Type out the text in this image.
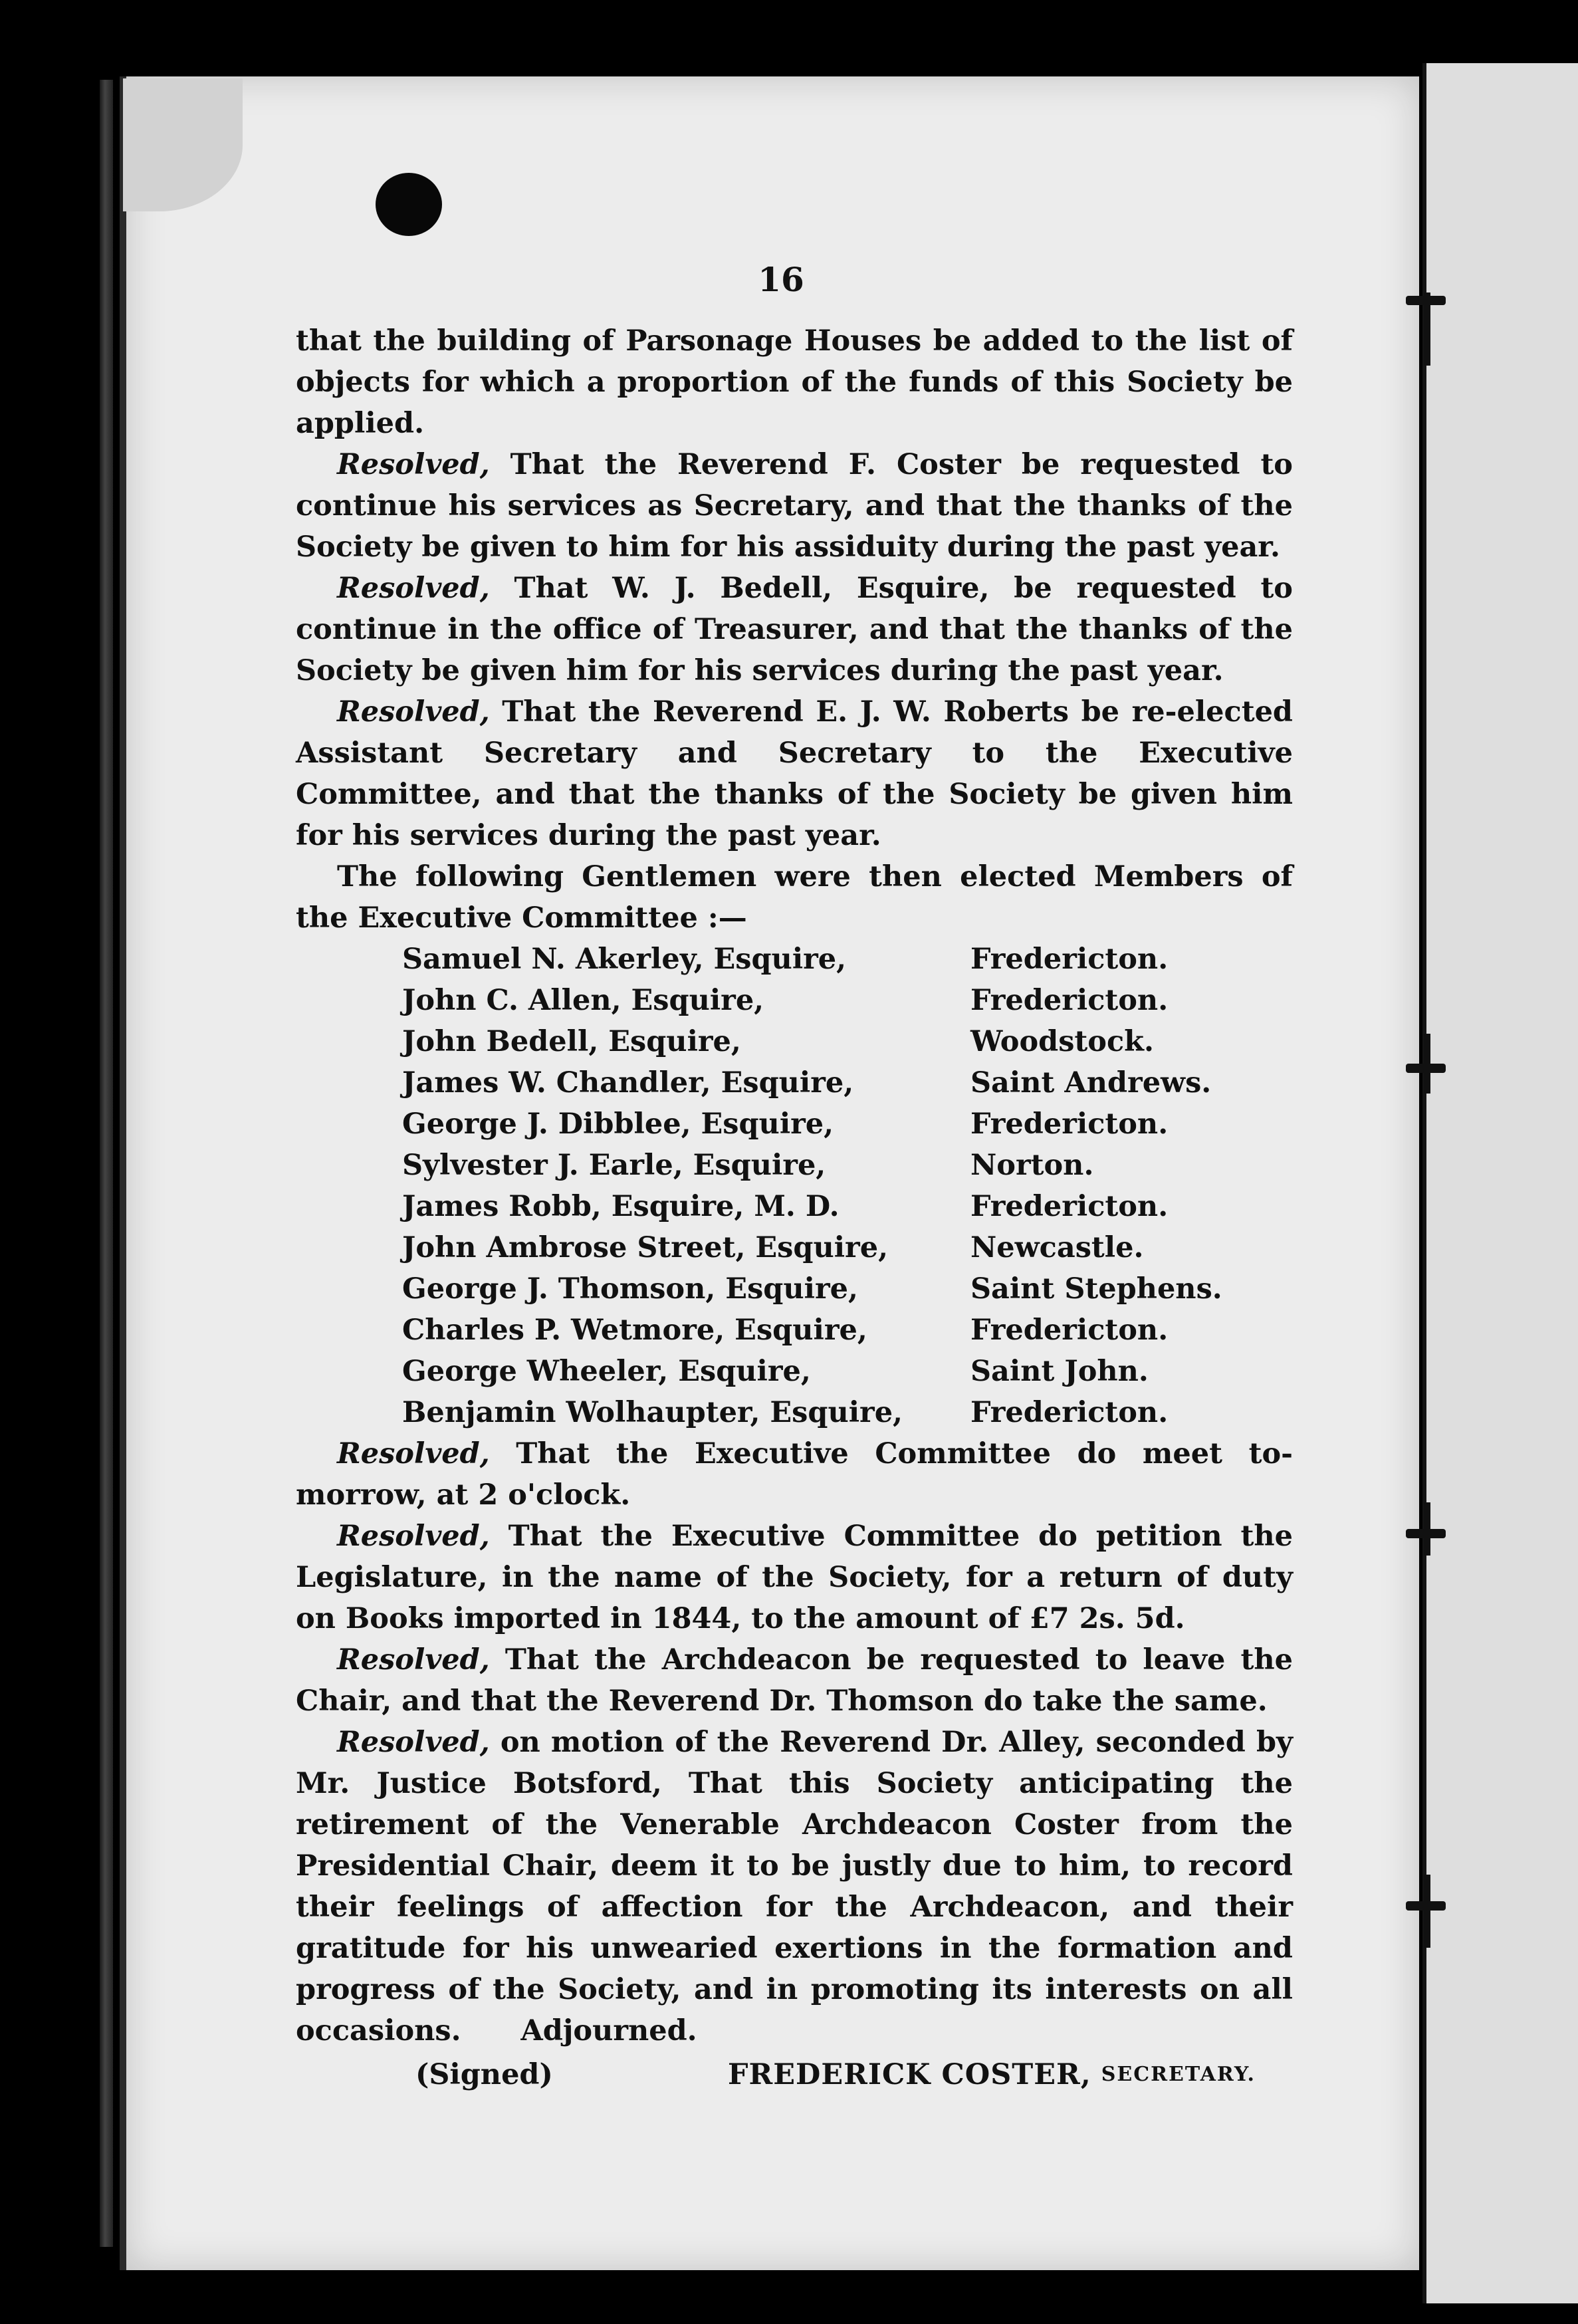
16

that the building of Parsonage Houses be added to the list of objects for which a proportion of the funds of this Society be applied.

Resolved, That the Reverend F. Coster be requested to continue his services as Secretary, and that the thanks of the Society be given to him for his assiduity during the past year.

Resolved, That W. J. Bedell, Esquire, be requested to continue in the office of Treasurer, and that the thanks of the Society be given him for his services during the past year.

Resolved, That the Reverend E. J. W. Roberts be re-elected Assistant Secretary and Secretary to the Executive Committee, and that the thanks of the Society be given him for his services during the past year.

The following Gentlemen were then elected Members of the Executive Committee :—

Samuel N. Akerley, Esquire,	Fredericton.
John C. Allen, Esquire,	Fredericton.
John Bedell, Esquire,	Woodstock.
James W. Chandler, Esquire,	Saint Andrews.
George J. Dibblee, Esquire,	Fredericton.
Sylvester J. Earle, Esquire,	Norton.
James Robb, Esquire, M. D.	Fredericton.
John Ambrose Street, Esquire,	Newcastle.
George J. Thomson, Esquire,	Saint Stephens.
Charles P. Wetmore, Esquire,	Fredericton.
George Wheeler, Esquire,	Saint John.
Benjamin Wolhaupter, Esquire,	Fredericton.

Resolved, That the Executive Committee do meet to-morrow, at 2 o'clock.

Resolved, That the Executive Committee do petition the Legislature, in the name of the Society, for a return of duty on Books imported in 1844, to the amount of £7 2s. 5d.

Resolved, That the Archdeacon be requested to leave the Chair, and that the Reverend Dr. Thomson do take the same.

Resolved, on motion of the Reverend Dr. Alley, seconded by Mr. Justice Botsford, That this Society anticipating the retirement of the Venerable Archdeacon Coster from the Presidential Chair, deem it to be justly due to him, to record their feelings of affection for the Archdeacon, and their gratitude for his unwearied exertions in the formation and progress of the Society, and in promoting its interests on all occasions. Adjourned.

(Signed)	FREDERICK COSTER,
SECRETARY.
